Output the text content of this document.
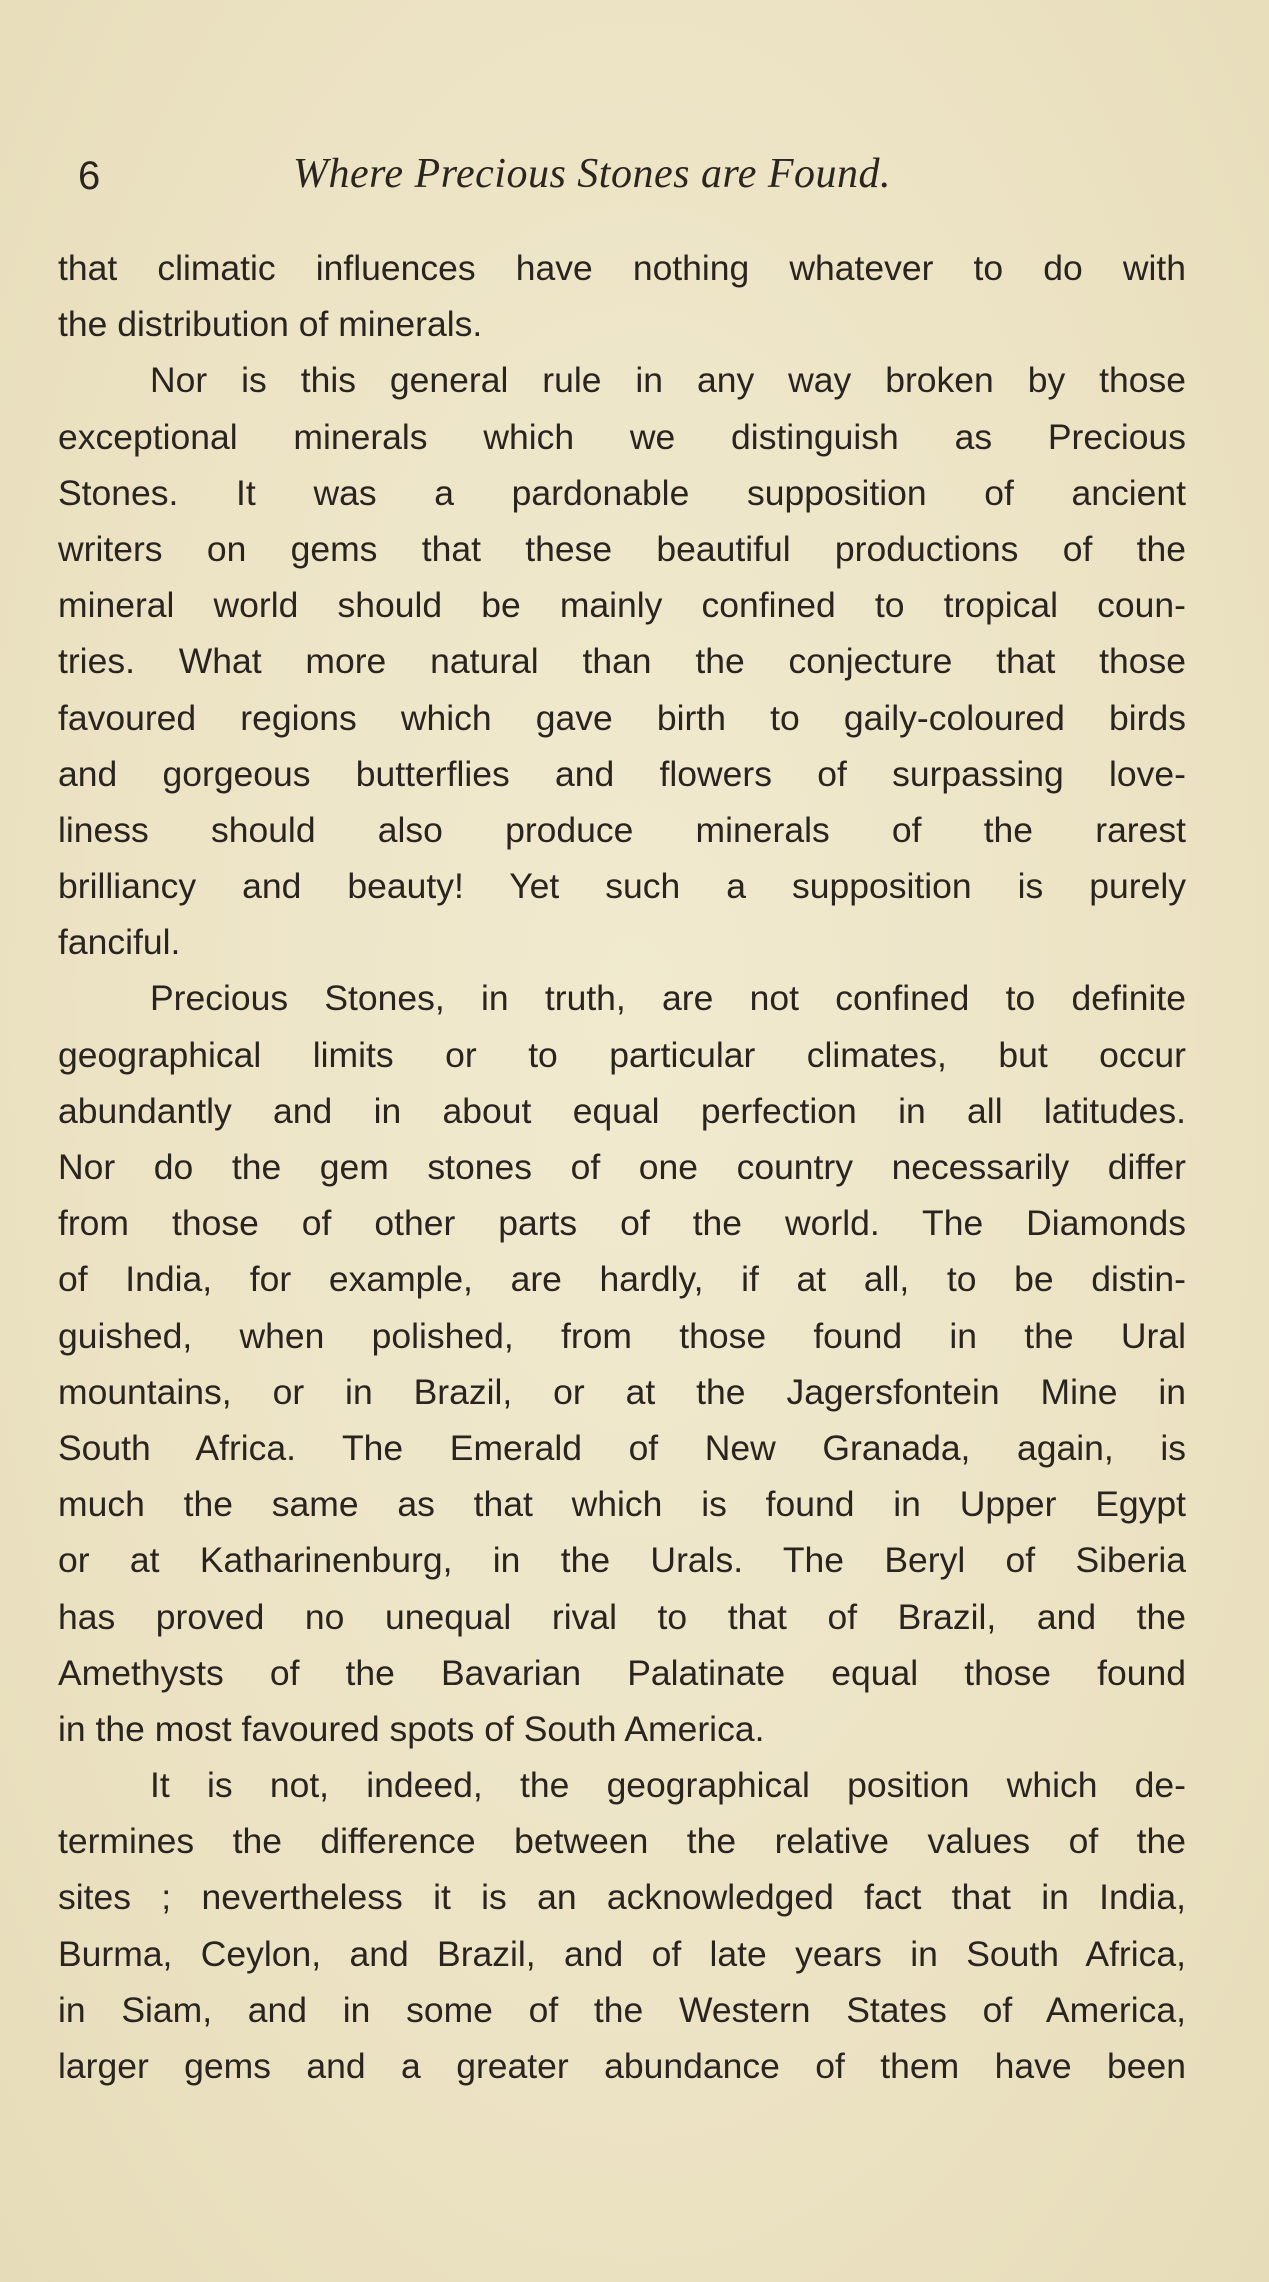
6	Where Precious Stones are Found.
that climatic influences have nothing whatever to do with
the distribution of minerals.
Nor is this general rule in any way broken by those
exceptional minerals which we distinguish as Precious
Stones. It was a pardonable supposition of ancient
writers on gems that these beautiful productions of the
mineral world should be mainly confined to tropical coun-
tries. What more natural than the conjecture that those
favoured regions which gave birth to gaily-coloured birds
and gorgeous butterflies and flowers of surpassing love-
liness should also produce minerals of the rarest
brilliancy and beauty! Yet such a supposition is purely
fanciful.
Precious Stones, in truth, are not confined to definite
geographical limits or to particular climates, but occur
abundantly and in about equal perfection in all latitudes.
Nor do the gem stones of one country necessarily differ
from those of other parts of the world. The Diamonds
of India, for example, are hardly, if at all, to be distin-
guished, when polished, from those found in the Ural
mountains, or in Brazil, or at the Jagersfontein Mine in
South Africa. The Emerald of New Granada, again, is
much the same as that which is found in Upper Egypt
or at Katharinenburg, in the Urals. The Beryl of Siberia
has proved no unequal rival to that of Brazil, and the
Amethysts of the Bavarian Palatinate equal those found
in the most favoured spots of South America.
It is not, indeed, the geographical position which de-
termines the difference between the relative values of the
sites ; nevertheless it is an acknowledged fact that in India,
Burma, Ceylon, and Brazil, and of late years in South Africa,
in Siam, and in some of the Western States of America,
larger gems and a greater abundance of them have been
